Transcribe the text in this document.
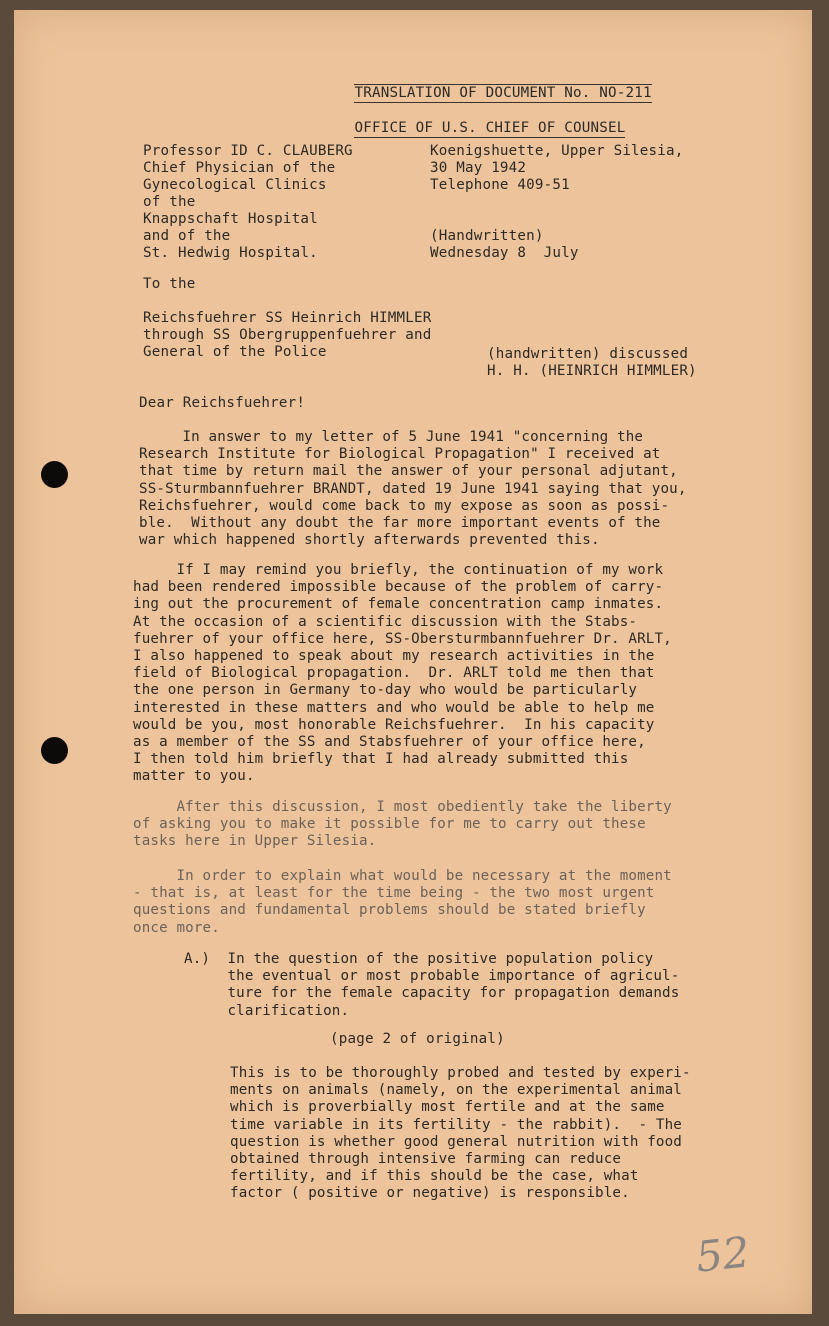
TRANSLATION OF DOCUMENT No. NO-211

OFFICE OF U.S. CHIEF OF COUNSEL

Professor ID C. CLAUBERG
Chief Physician of the
Gynecological Clinics
of the
Knappschaft Hospital
and of the
St. Hedwig Hospital.
Koenigshuette, Upper Silesia,
30 May 1942
Telephone 409-51
(Handwritten)
Wednesday 8  July
To the
Reichsfuehrer SS Heinrich HIMMLER
through SS Obergruppenfuehrer and
General of the Police	(handwritten) discussed
H. H. (HEINRICH HIMMLER)
Dear Reichsfuehrer!
In answer to my letter of 5 June 1941 "concerning the
Research Institute for Biological Propagation" I received at
that time by return mail the answer of your personal adjutant,
SS-Sturmbannfuehrer BRANDT, dated 19 June 1941 saying that you,
Reichsfuehrer, would come back to my expose as soon as possi-
ble.  Without any doubt the far more important events of the
war which happened shortly afterwards prevented this.
If I may remind you briefly, the continuation of my work
had been rendered impossible because of the problem of carry-
ing out the procurement of female concentration camp inmates.
At the occasion of a scientific discussion with the Stabs-
fuehrer of your office here, SS-Obersturmbannfuehrer Dr. ARLT,
I also happened to speak about my research activities in the
field of Biological propagation.  Dr. ARLT told me then that
the one person in Germany to-day who would be particularly
interested in these matters and who would be able to help me
would be you, most honorable Reichsfuehrer.  In his capacity
as a member of the SS and Stabsfuehrer of your office here,
I then told him briefly that I had already submitted this
matter to you.
After this discussion, I most obediently take the liberty
of asking you to make it possible for me to carry out these
tasks here in Upper Silesia.
In order to explain what would be necessary at the moment
- that is, at least for the time being - the two most urgent
questions and fundamental problems should be stated briefly
once more.
A.)  In the question of the positive population policy
the eventual or most probable importance of agricul-
ture for the female capacity for propagation demands
clarification.
(page 2 of original)
This is to be thoroughly probed and tested by experi-
ments on animals (namely, on the experimental animal
which is proverbially most fertile and at the same
time variable in its fertility - the rabbit).  - The
question is whether good general nutrition with food
obtained through intensive farming can reduce
fertility, and if this should be the case, what
factor ( positive or negative) is responsible.
52
